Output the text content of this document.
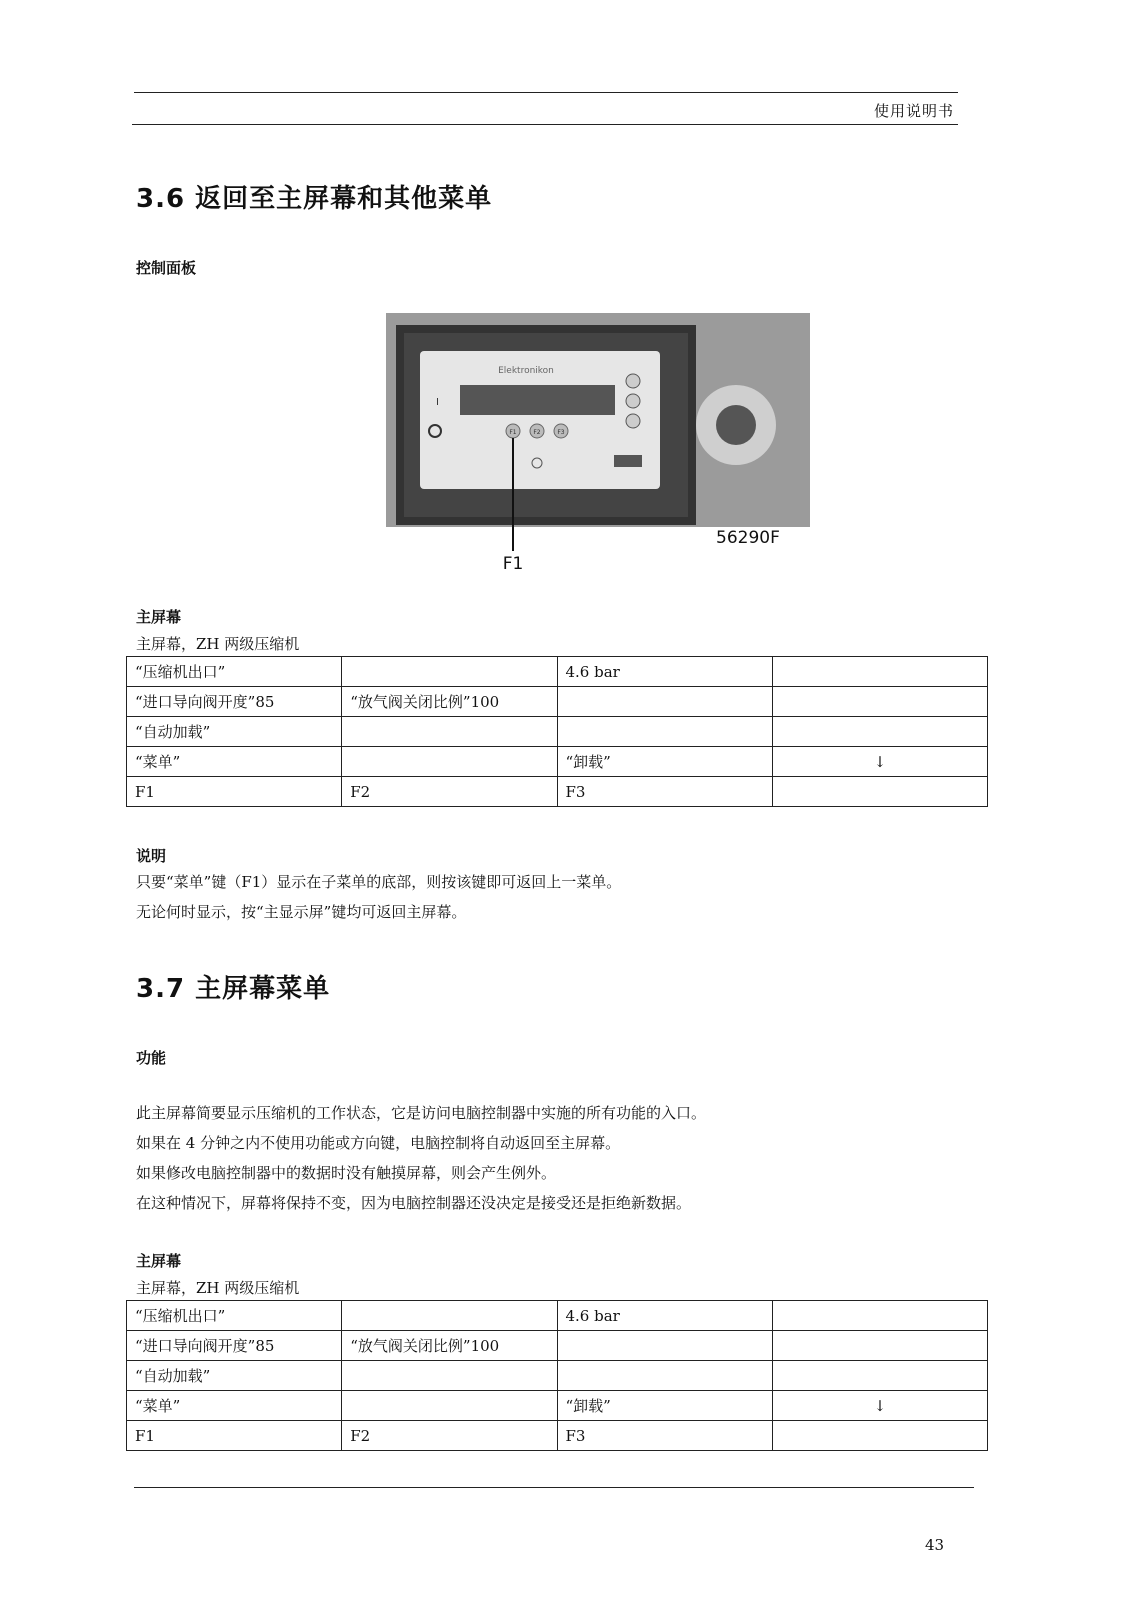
使用说明书
3.6 返回至主屏幕和其他菜单
控制面板
Elektronikon
I
F1	F2	F3
F1
56290F
主屏幕
主屏幕，ZH 两级压缩机
“压缩机出口”		4.6 bar	
“进口导向阀开度”85	“放气阀关闭比例”100		
“自动加载”			
“菜单”		“卸载”	↓
F1	F2	F3	
说明

只要“菜单”键（F1）显示在子菜单的底部，则按该键即可返回上一菜单。

无论何时显示，按“主显示屏”键均可返回主屏幕。

3.7 主屏幕菜单
功能

此主屏幕简要显示压缩机的工作状态，它是访问电脑控制器中实施的所有功能的入口。

如果在 4 分钟之内不使用功能或方向键，电脑控制将自动返回至主屏幕。

如果修改电脑控制器中的数据时没有触摸屏幕，则会产生例外。

在这种情况下，屏幕将保持不变，因为电脑控制器还没决定是接受还是拒绝新数据。

主屏幕
主屏幕，ZH 两级压缩机
“压缩机出口”		4.6 bar	
“进口导向阀开度”85	“放气阀关闭比例”100		
“自动加载”			
“菜单”		“卸载”	↓
F1	F2	F3	
43
